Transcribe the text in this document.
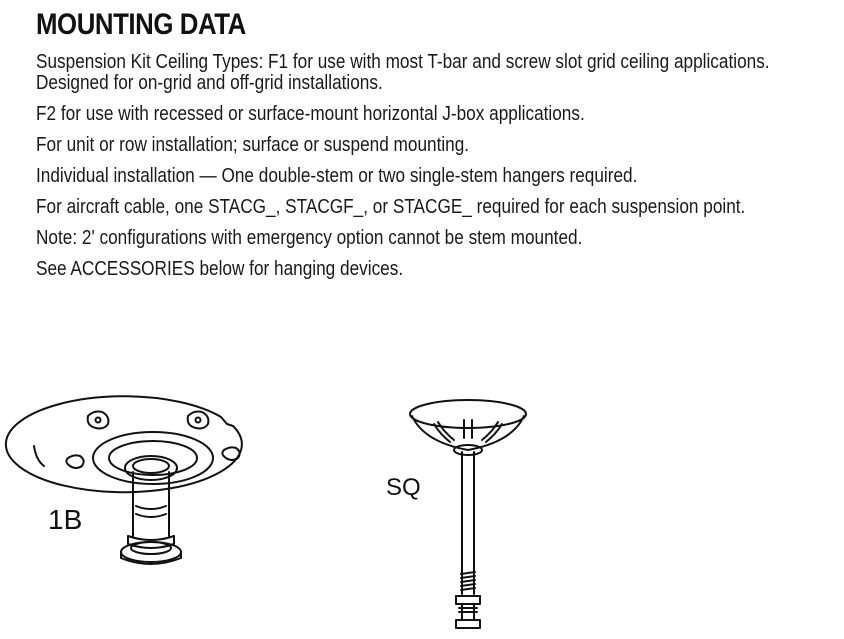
MOUNTING DATA

Suspension Kit Ceiling Types: F1 for use with most T-bar and screw slot grid ceiling applications. Designed for on-grid and off-grid installations.

F2 for use with recessed or surface-mount horizontal J-box applications.

For unit or row installation; surface or suspend mounting.

Individual installation — One double-stem or two single-stem hangers required.

For aircraft cable, one STACG_, STACGF_, or STACGE_ required for each suspension point.

Note: 2' configurations with emergency option cannot be stem mounted.

See ACCESSORIES below for hanging devices.

1B
SQ
